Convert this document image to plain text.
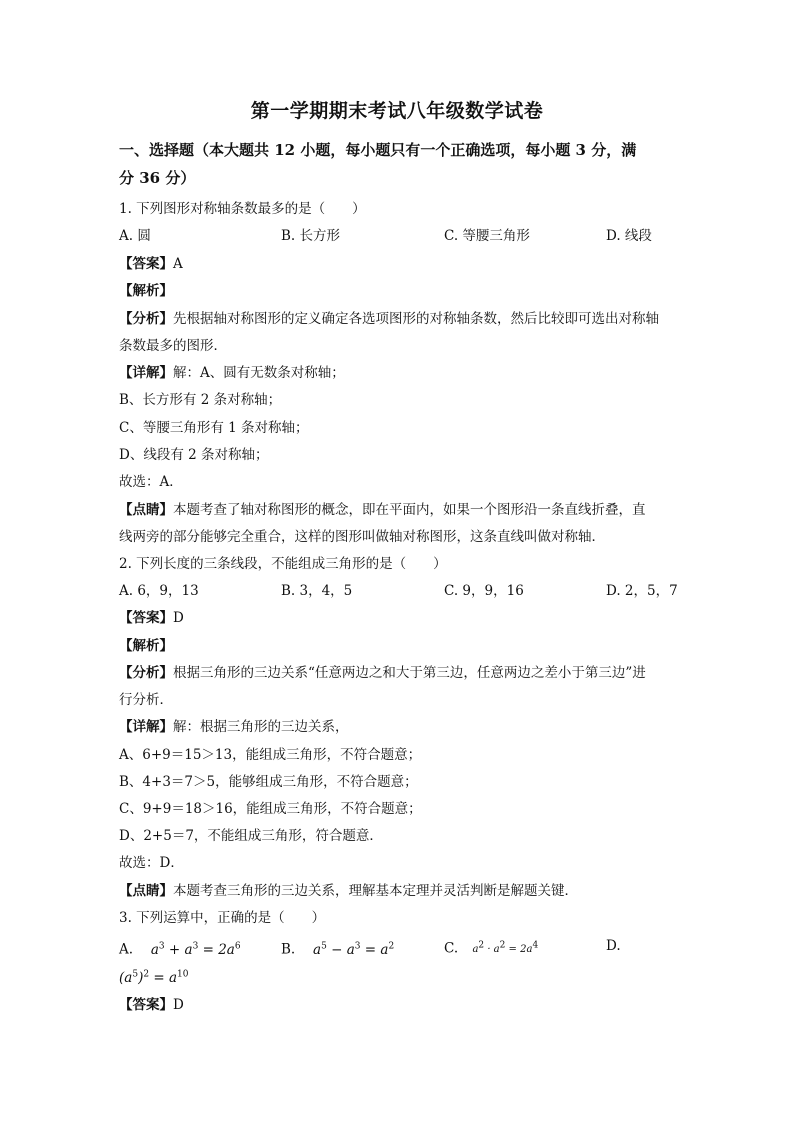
第一学期期末考试八年级数学试卷
一、选择题（本大题共 12 小题，每小题只有一个正确选项，每小题 3 分，满
分 36 分）
1. 下列图形对称轴条数最多的是（　　）
A. 圆	B. 长方形	C. 等腰三角形	D. 线段
【答案】A
【解析】
【分析】先根据轴对称图形的定义确定各选项图形的对称轴条数，然后比较即可选出对称轴
条数最多的图形．
【详解】解：A、圆有无数条对称轴；
B、长方形有 2 条对称轴；
C、等腰三角形有 1 条对称轴；
D、线段有 2 条对称轴；
故选：A．
【点睛】本题考查了轴对称图形的概念，即在平面内，如果一个图形沿一条直线折叠，直
线两旁的部分能够完全重合，这样的图形叫做轴对称图形，这条直线叫做对称轴．
2. 下列长度的三条线段，不能组成三角形的是（　　）
A. 6，9，13	B. 3，4，5	C. 9，9，16	D. 2，5，7
【答案】D
【解析】
【分析】根据三角形的三边关系“任意两边之和大于第三边，任意两边之差小于第三边”进
行分析．
【详解】解：根据三角形的三边关系，
A、6+9＝15＞13，能组成三角形，不符合题意；
B、4+3＝7＞5，能够组成三角形，不符合题意；
C、9+9＝18＞16，能组成三角形，不符合题意；
D、2+5＝7，不能组成三角形，符合题意．
故选：D．
【点睛】本题考查三角形的三边关系，理解基本定理并灵活判断是解题关键．
3. 下列运算中，正确的是（　　）
A.  $a^3 + a^3 = 2a^6$	B.  $a^5 - a^3 = a^2$	C.  $a^2 \cdot a^2 = 2a^4$	D.
$(a^5)^2 = a^{10}$
【答案】D
